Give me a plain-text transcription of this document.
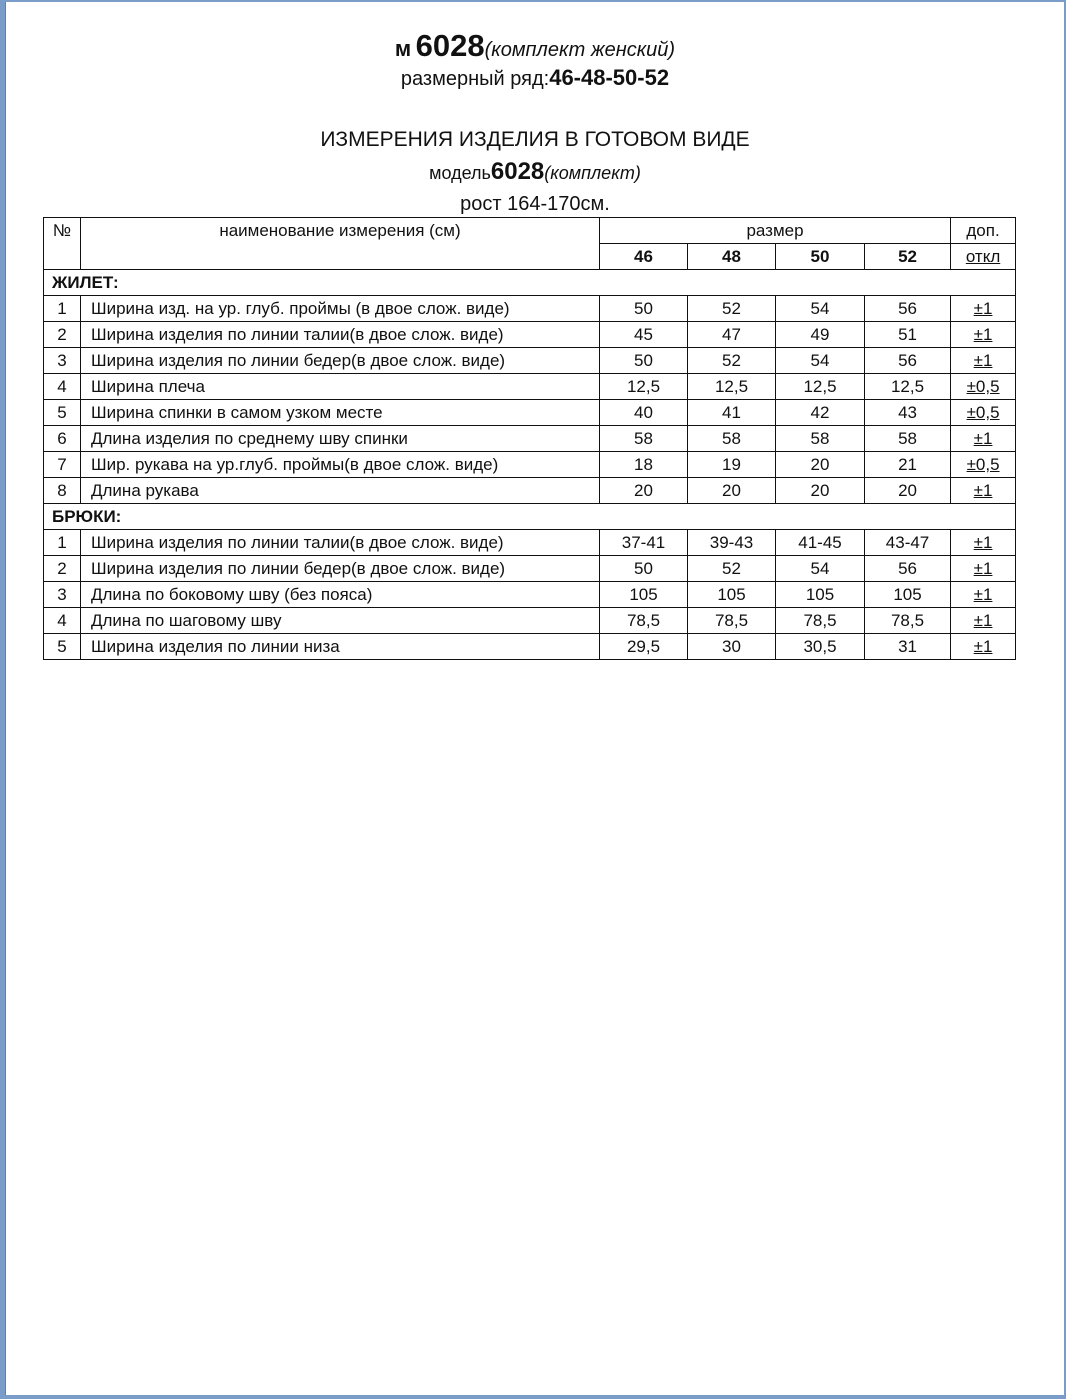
м 6028(комплект женский)
размерный ряд:46-48-50-52
ИЗМЕРЕНИЯ ИЗДЕЛИЯ В ГОТОВОМ ВИДЕ
модель6028(комплект)
рост 164-170см.
№	наименование измерения (см)	размер				доп.
		46	48	50	52	откл
ЖИЛЕТ:						
1	Ширина изд. на ур. глуб. проймы (в двое слож. виде)	50	52	54	56	±1
2	Ширина изделия по линии талии(в двое слож. виде)	45	47	49	51	±1
3	Ширина изделия по линии бедер(в двое слож. виде)	50	52	54	56	±1
4	Ширина плеча	12,5	12,5	12,5	12,5	±0,5
5	Ширина спинки в самом узком месте	40	41	42	43	±0,5
6	Длина изделия по среднему шву спинки	58	58	58	58	±1
7	Шир. рукава на ур.глуб. проймы(в двое слож. виде)	18	19	20	21	±0,5
8	Длина рукава	20	20	20	20	±1
БРЮКИ:						
1	Ширина изделия по линии талии(в двое слож. виде)	37-41	39-43	41-45	43-47	±1
2	Ширина изделия по линии бедер(в двое слож. виде)	50	52	54	56	±1
3	Длина по боковому шву (без пояса)	105	105	105	105	±1
4	Длина по шаговому шву	78,5	78,5	78,5	78,5	±1
5	Ширина изделия по линии низа	29,5	30	30,5	31	±1
